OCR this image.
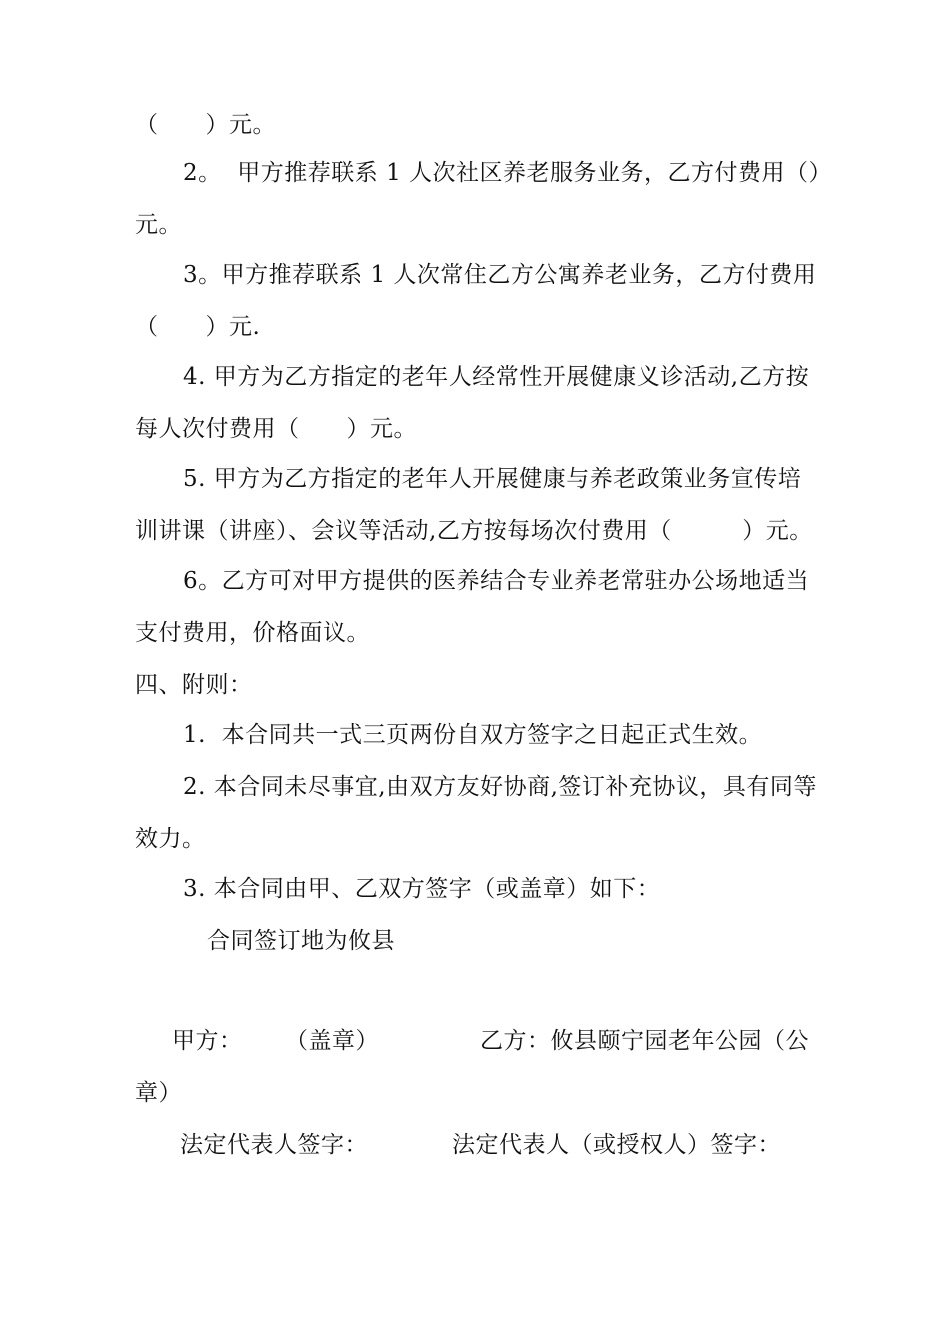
（　　）元。
2。  甲方推荐联系 1 人次社区养老服务业务，乙方付费用（）
元。
3。甲方推荐联系 1 人次常住乙方公寓养老业务，乙方付费用
（　　）元.
4. 甲方为乙方指定的老年人经常性开展健康义诊活动,乙方按
每人次付费用（　　）元。
5. 甲方为乙方指定的老年人开展健康与养老政策业务宣传培
训讲课（讲座）、会议等活动,乙方按每场次付费用（　　　）元。
6。乙方可对甲方提供的医养结合专业养老常驻办公场地适当
支付费用，价格面议。
四、附则：
1.  本合同共一式三页两份自双方签字之日起正式生效。
2. 本合同未尽事宜,由双方友好协商,签订补充协议，具有同等
效力。
3. 本合同由甲、乙双方签字（或盖章）如下：
合同签订地为攸县
甲方： （盖章）	乙方：攸县颐宁园老年公园（公
章）
法定代表人签字：	法定代表人（或授权人）签字：
